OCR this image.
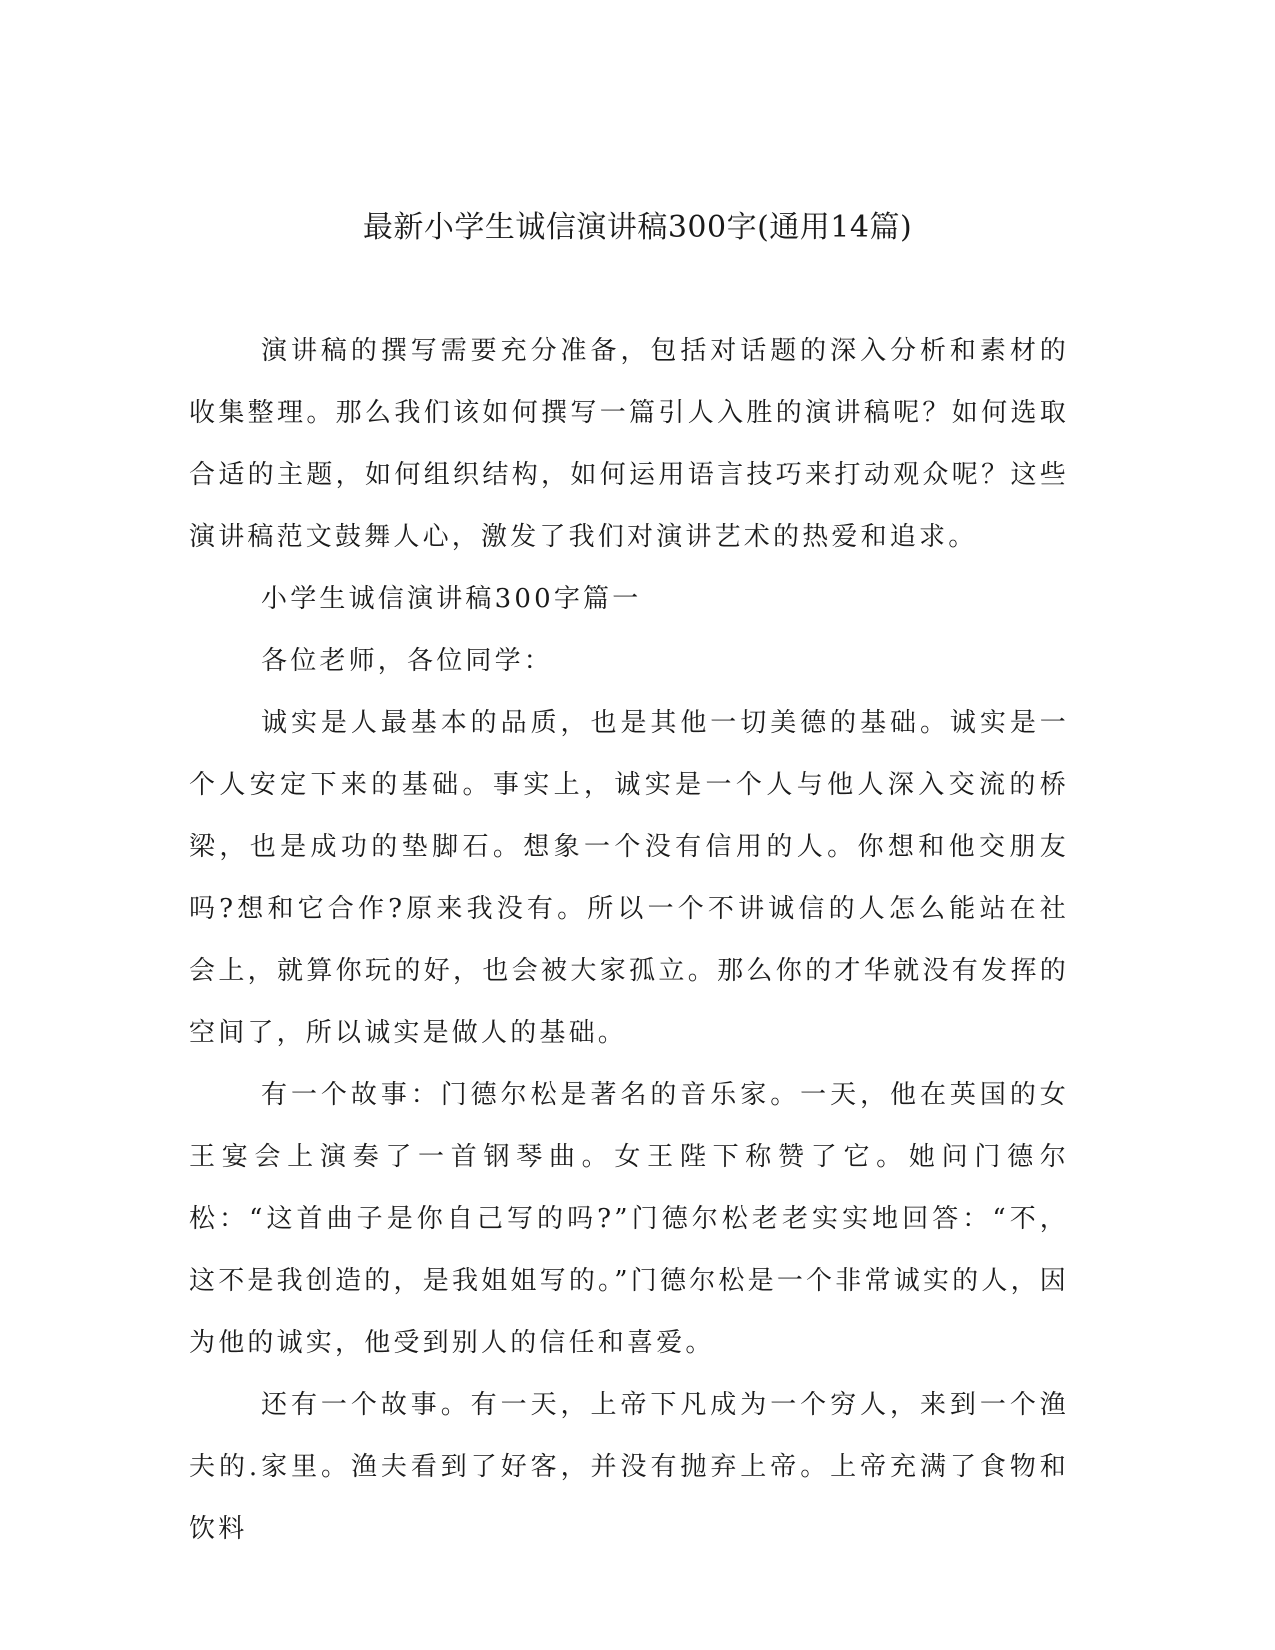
最新小学生诚信演讲稿300字(通用14篇)

演讲稿的撰写需要充分准备，包括对话题的深入分析和素材的收集整理。那么我们该如何撰写一篇引人入胜的演讲稿呢？如何选取合适的主题，如何组织结构，如何运用语言技巧来打动观众呢？这些演讲稿范文鼓舞人心，激发了我们对演讲艺术的热爱和追求。

小学生诚信演讲稿300字篇一

各位老师，各位同学：

诚实是人最基本的品质，也是其他一切美德的基础。诚实是一个人安定下来的基础。事实上，诚实是一个人与他人深入交流的桥梁，也是成功的垫脚石。想象一个没有信用的人。你想和他交朋友吗?想和它合作?原来我没有。所以一个不讲诚信的人怎么能站在社会上，就算你玩的好，也会被大家孤立。那么你的才华就没有发挥的空间了，所以诚实是做人的基础。

有一个故事：门德尔松是著名的音乐家。一天，他在英国的女王宴会上演奏了一首钢琴曲。女王陛下称赞了它。她问门德尔松：“这首曲子是你自己写的吗?”门德尔松老老实实地回答：“不，这不是我创造的，是我姐姐写的。”门德尔松是一个非常诚实的人，因为他的诚实，他受到别人的信任和喜爱。

还有一个故事。有一天，上帝下凡成为一个穷人，来到一个渔夫的.家里。渔夫看到了好客，并没有抛弃上帝。上帝充满了食物和饮料
